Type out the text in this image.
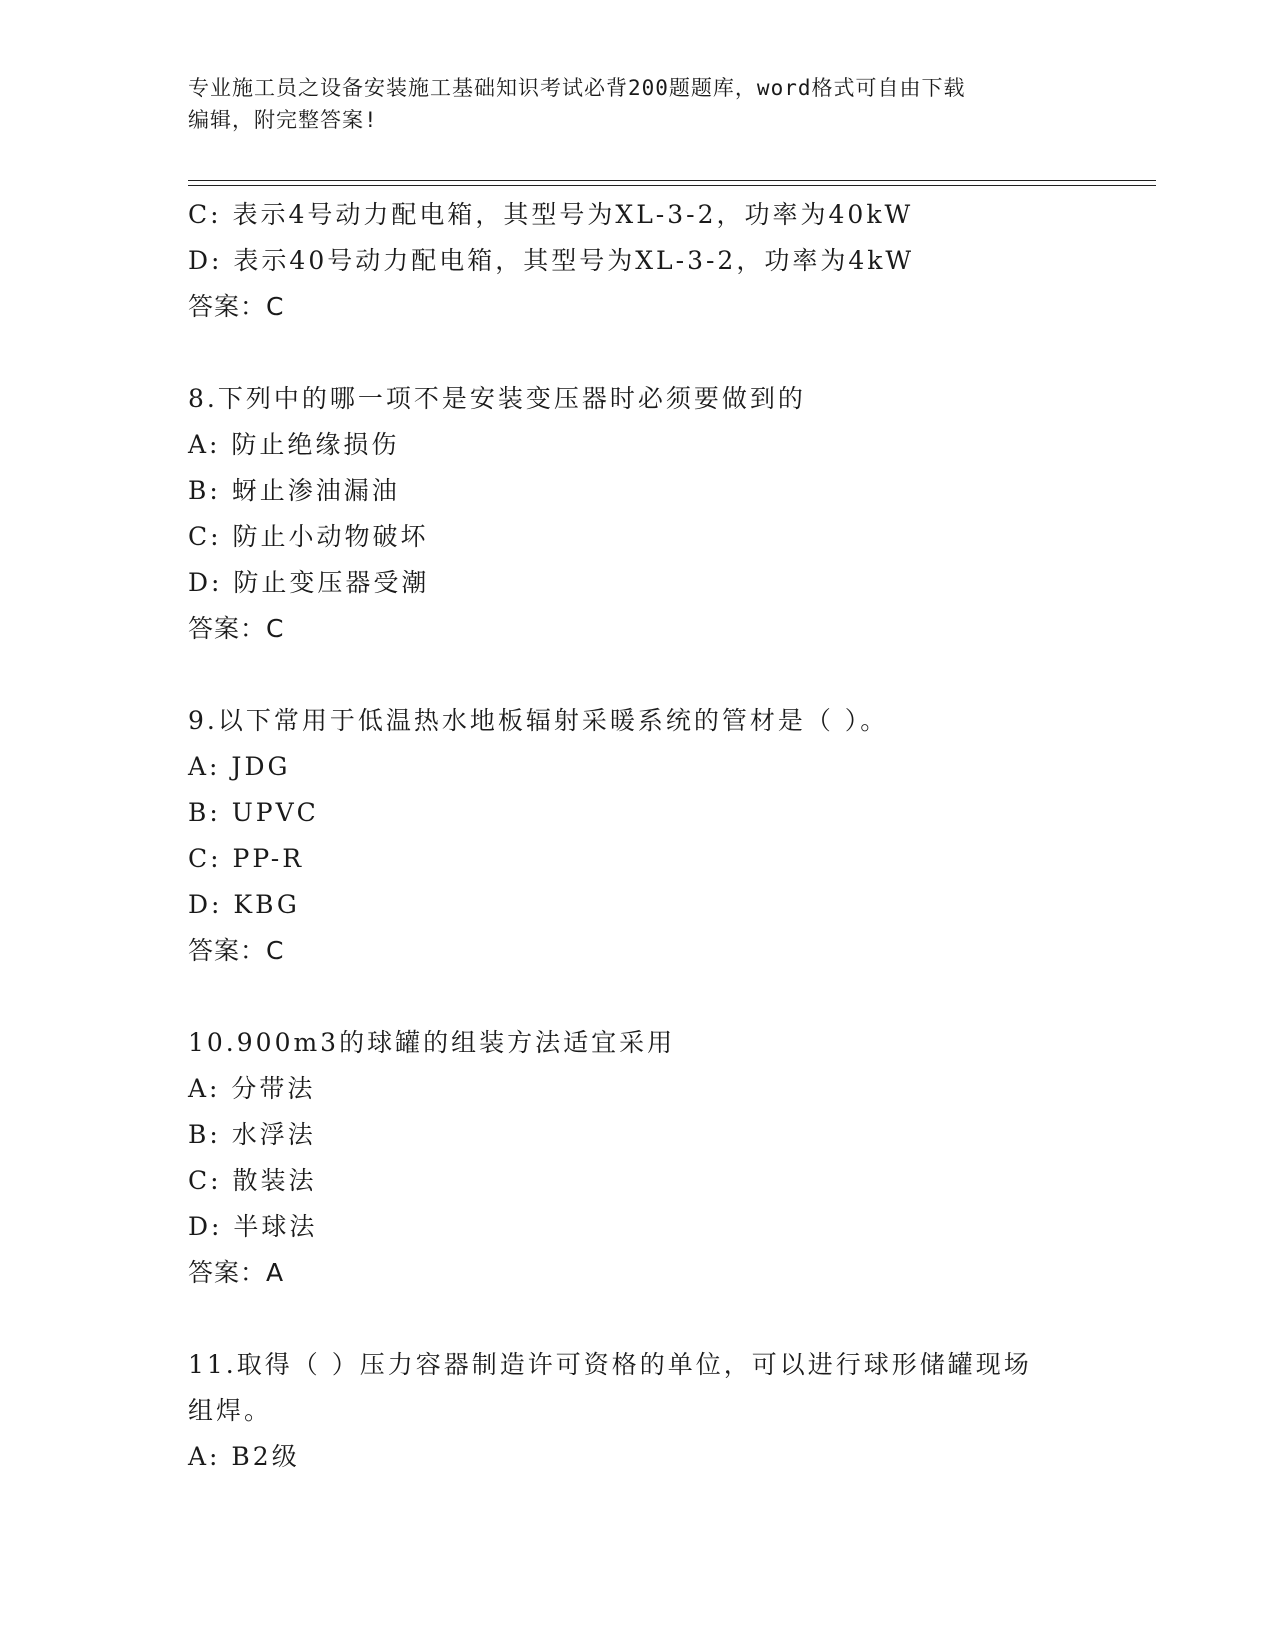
专业施工员之设备安装施工基础知识考试必背200题题库，word格式可自由下载
编辑，附完整答案!
C: 表示4号动力配电箱，其型号为XL-3-2，功率为40kW
D: 表示40号动力配电箱，其型号为XL-3-2，功率为4kW
答案：C
8.下列中的哪一项不是安装变压器时必须要做到的
A: 防止绝缘损伤
B: 蚜止渗油漏油
C: 防止小动物破坏
D: 防止变压器受潮
答案：C
9.以下常用于低温热水地板辐射采暖系统的管材是（ ）。
A: JDG
B: UPVC
C: PP-R
D: KBG
答案：C
10.900m3的球罐的组装方法适宜采用
A: 分带法
B: 水浮法
C: 散装法
D: 半球法
答案：A
11.取得（ ）压力容器制造许可资格的单位，可以进行球形储罐现场
组焊。
A: B2级
